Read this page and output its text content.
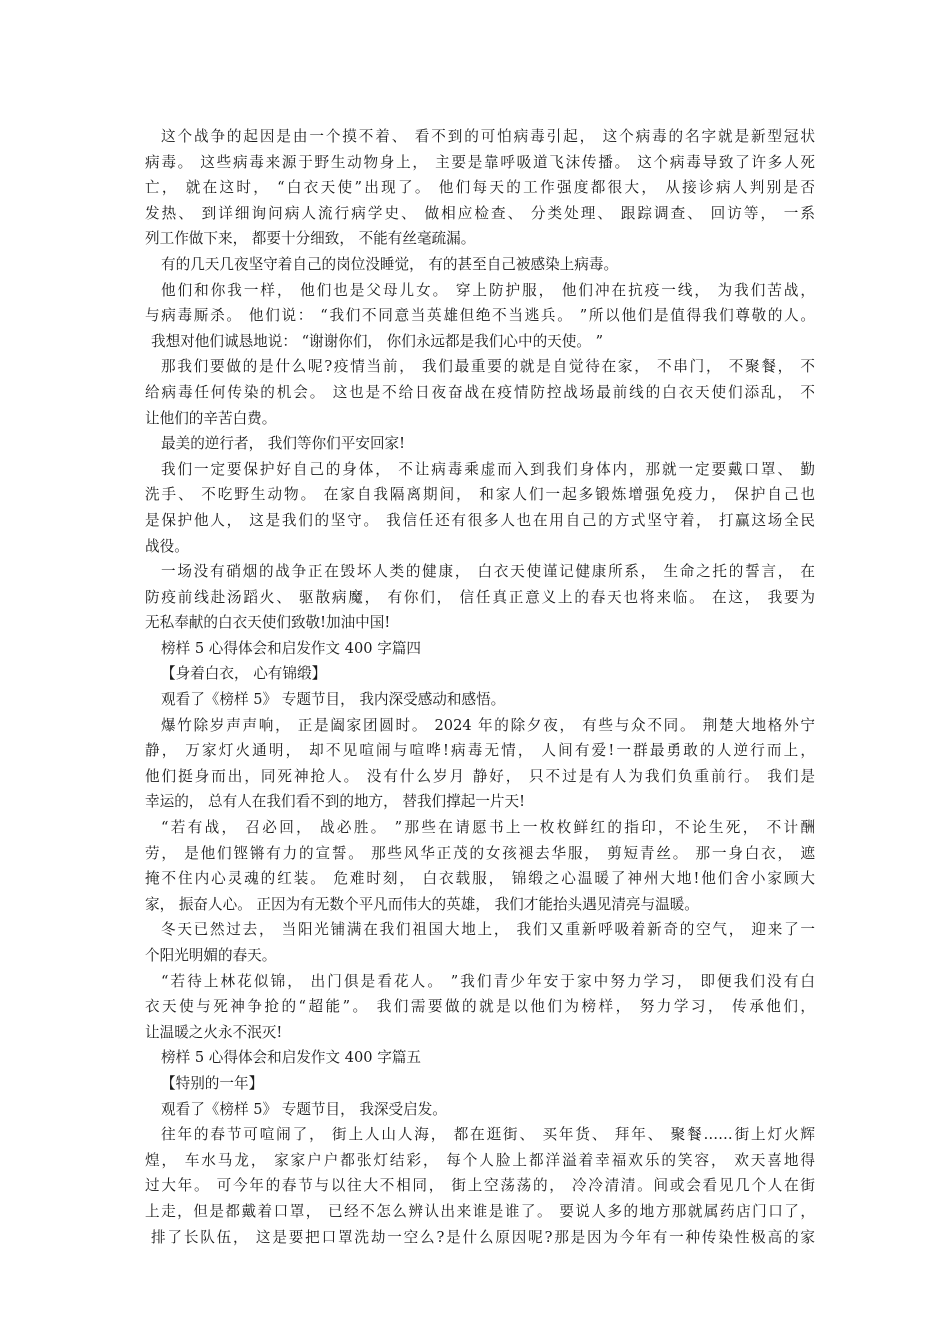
这个战争的起因是由一个摸不着、 看不到的可怕病毒引起， 这个病毒的名字就是新型冠状
病毒。 这些病毒来源于野生动物身上， 主要是靠呼吸道飞沫传播。 这个病毒导致了许多人死
亡， 就在这时， “白衣天使”出现了。 他们每天的工作强度都很大， 从接诊病人判别是否
发热、 到详细询问病人流行病学史、 做相应检查、 分类处理、 跟踪调查、 回访等， 一系
列工作做下来， 都要十分细致， 不能有丝毫疏漏。
有的几天几夜坚守着自己的岗位没睡觉， 有的甚至自己被感染上病毒。
他们和你我一样， 他们也是父母儿女。 穿上防护服， 他们冲在抗疫一线， 为我们苦战，
与病毒厮杀。 他们说： “我们不同意当英雄但绝不当逃兵。 ”所以他们是值得我们尊敬的人。
我想对他们诚恳地说： “谢谢你们， 你们永远都是我们心中的天使。 ”
那我们要做的是什么呢?疫情当前， 我们最重要的就是自觉待在家， 不串门， 不聚餐， 不
给病毒任何传染的机会。 这也是不给日夜奋战在疫情防控战场最前线的白衣天使们添乱， 不
让他们的辛苦白费。
最美的逆行者， 我们等你们平安回家!
我们一定要保护好自己的身体， 不让病毒乘虚而入到我们身体内，那就一定要戴口罩、 勤
洗手、 不吃野生动物。 在家自我隔离期间， 和家人们一起多锻炼增强免疫力， 保护自己也
是保护他人， 这是我们的坚守。 我信任还有很多人也在用自己的方式坚守着， 打赢这场全民
战役。
一场没有硝烟的战争正在毁坏人类的健康， 白衣天使谨记健康所系， 生命之托的誓言， 在
防疫前线赴汤蹈火、 驱散病魔， 有你们， 信任真正意义上的春天也将来临。 在这， 我要为
无私奉献的白衣天使们致敬!加油中国!
榜样 5 心得体会和启发作文 400 字篇四
【身着白衣， 心有锦缎】
观看了《榜样 5》 专题节目， 我内深受感动和感悟。
爆竹除岁声声响， 正是阖家团圆时。 2024 年的除夕夜， 有些与众不同。 荆楚大地格外宁
静， 万家灯火通明， 却不见喧闹与喧哗!病毒无情， 人间有爱!一群最勇敢的人逆行而上，
他们挺身而出，同死神抢人。 没有什么岁月 静好， 只不过是有人为我们负重前行。 我们是
幸运的， 总有人在我们看不到的地方， 替我们撑起一片天!
“若有战， 召必回， 战必胜。 ”那些在请愿书上一枚枚鲜红的指印，不论生死， 不计酬
劳， 是他们铿锵有力的宣誓。 那些风华正茂的女孩褪去华服， 剪短青丝。 那一身白衣， 遮
掩不住内心灵魂的红装。 危难时刻， 白衣载服， 锦缎之心温暖了神州大地!他们舍小家顾大
家， 振奋人心。 正因为有无数个平凡而伟大的英雄， 我们才能抬头遇见清亮与温暖。
冬天已然过去， 当阳光铺满在我们祖国大地上， 我们又重新呼吸着新奇的空气， 迎来了一
个阳光明媚的春天。
“若待上林花似锦， 出门俱是看花人。 ”我们青少年安于家中努力学习， 即便我们没有白
衣天使与死神争抢的“超能”。 我们需要做的就是以他们为榜样， 努力学习， 传承他们，
让温暖之火永不泯灭!
榜样 5 心得体会和启发作文 400 字篇五
【特别的一年】
观看了《榜样 5》 专题节目， 我深受启发。
往年的春节可喧闹了， 街上人山人海， 都在逛街、 买年货、 拜年、 聚餐……街上灯火辉
煌， 车水马龙， 家家户户都张灯结彩， 每个人脸上都洋溢着幸福欢乐的笑容， 欢天喜地得
过大年。 可今年的春节与以往大不相同， 街上空荡荡的， 冷冷清清。间或会看见几个人在街
上走，但是都戴着口罩， 已经不怎么辨认出来谁是谁了。 要说人多的地方那就属药店门口了，
排了长队伍， 这是要把口罩洗劫一空么?是什么原因呢?那是因为今年有一种传染性极高的家
